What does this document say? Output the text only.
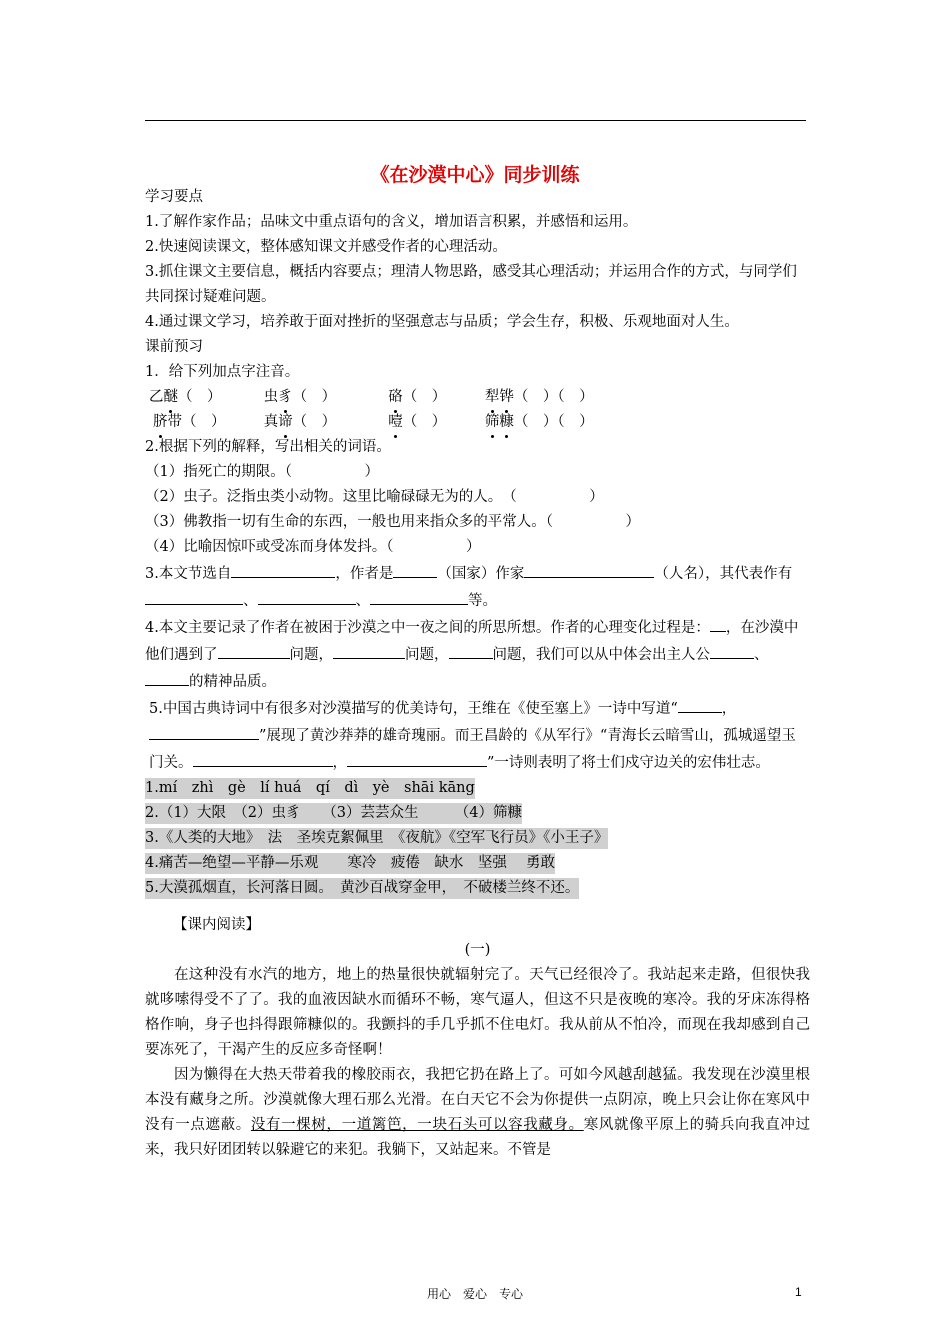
《在沙漠中心》同步训练
学习要点
1.了解作家作品；品味文中重点语句的含义，增加语言积累，并感悟和运用。
2.快速阅读课文，整体感知课文并感受作者的心理活动。
3.抓住课文主要信息，概括内容要点；理清人物思路，感受其心理活动；并运用合作的方式，与同学们共同探讨疑难问题。
4.通过课文学习，培养敢于面对挫折的坚强意志与品质；学会生存，积极、乐观地面对人生。
课前预习
1．给下列加点字注音。
乙醚（　）	虫豸（　）	硌（　）	犁铧（　）（　）
脐带（　）	真谛（　）	噎（　）	筛糠（　）（　）
2.根据下列的解释，写出相关的词语。
（1）指死亡的期限。（　　　　　）
（2）虫子。泛指虫类小动物。这里比喻碌碌无为的人。　（　　　　　）
（3）佛教指一切有生命的东西，一般也用来指众多的平常人。（　　　　　）
（4）比喻因惊吓或受冻而身体发抖。（　　　　　）
3.本文节选自	，作者是	（国家）作家	（人名），其代表作有、	、	等。
4.本文主要记录了作者在被困于沙漠之中一夜之间的所思所想。作者的心理变化过程是： ，在沙漠中他们遇到了	问题，	问题，	问题，我们可以从中体会出主人公	、的精神品质。
5.中国古典诗词中有很多对沙漠描写的优美诗句，王维在《使至塞上》一诗中写道“	，”展现了黄沙莽莽的雄奇瑰丽。而王昌龄的《从军行》“青海长云暗雪山，孤城遥望玉门关。	，	”一诗则表明了将士们戍守边关的宏伟壮志。
1.mí　zhì　gè　lí huá　qí　dì　yè　shāi kāng
2.（1）大限　（2）虫豸　　（3）芸芸众生　　　（4）筛糠
3.《人类的大地》　法　圣埃克絮佩里　《夜航》《空军飞行员》《小王子》
4.痛苦—绝望—平静—乐观　　寒冷　疲倦　缺水　坚强　 勇敢
5.大漠孤烟直，长河落日圆。　黄沙百战穿金甲，　不破楼兰终不还。
【课内阅读】
(一)
在这种没有水汽的地方，地上的热量很快就辐射完了。天气已经很冷了。我站起来走路，但很快我就哆嗦得受不了了。我的血液因缺水而循环不畅，寒气逼人，但这不只是夜晚的寒冷。我的牙床冻得格格作响，身子也抖得跟筛糠似的。我颤抖的手几乎抓不住电灯。我从前从不怕冷，而现在我却感到自己要冻死了，干渴产生的反应多奇怪啊！
因为懒得在大热天带着我的橡胶雨衣，我把它扔在路上了。可如今风越刮越猛。我发现在沙漠里根本没有藏身之所。沙漠就像大理石那么光滑。在白天它不会为你提供一点阴凉，晚上只会让你在寒风中没有一点遮蔽。没有一棵树，一道篱笆，一块石头可以容我藏身。寒风就像平原上的骑兵向我直冲过来，我只好团团转以躲避它的来犯。我躺下，又站起来。不管是
用心　爱心　专心	1
